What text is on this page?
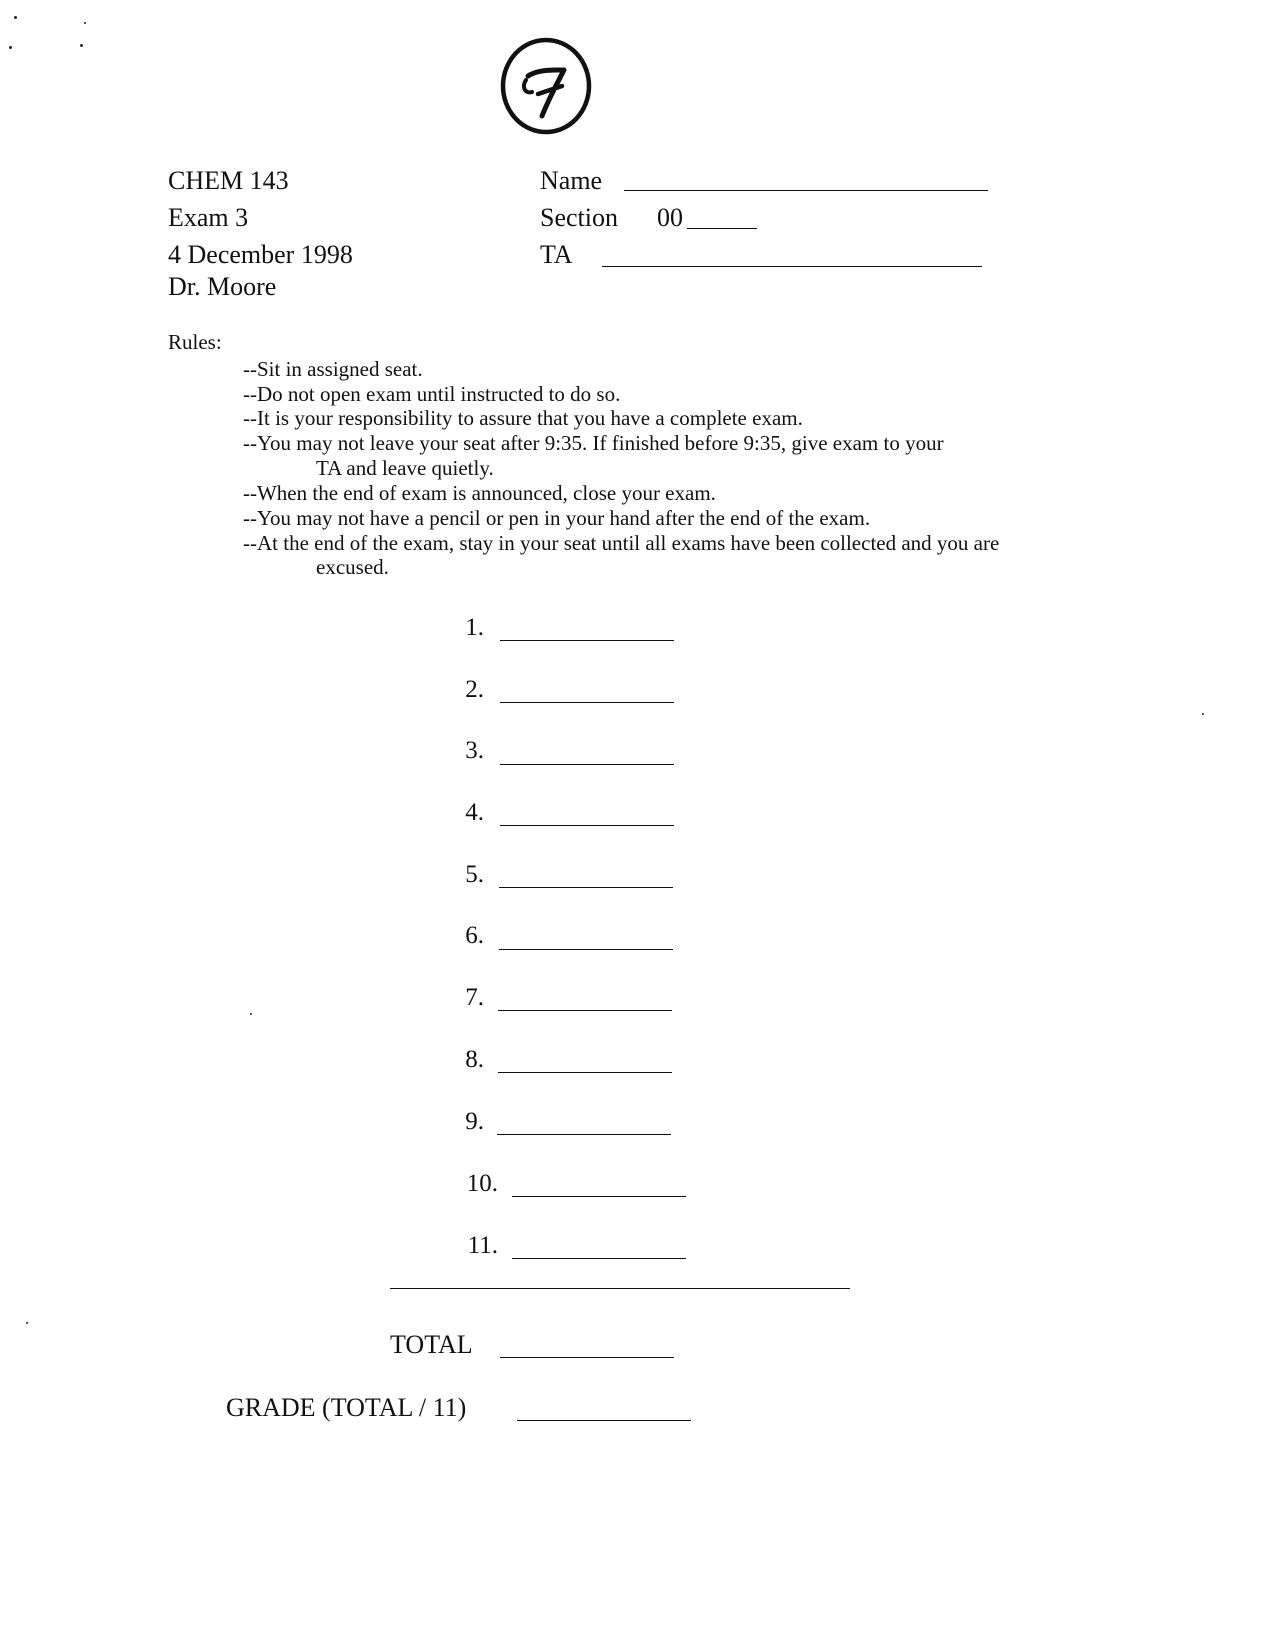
CHEM 143
Exam 3
4 December 1998
Dr. Moore
Name
Section 00
TA
Rules:
--Sit in assigned seat.
--Do not open exam until instructed to do so.
--It is your responsibility to assure that you have a complete exam.
--You may not leave your seat after 9:35. If finished before 9:35, give exam to your
TA and leave quietly.
--When the end of exam is announced, close your exam.
--You may not have a pencil or pen in your hand after the end of the exam.
--At the end of the exam, stay in your seat until all exams have been collected and you are
excused.
1.
2.
3.
4.
5.
6.
7.
8.
9.
10.
11.
TOTAL
GRADE (TOTAL / 11)
